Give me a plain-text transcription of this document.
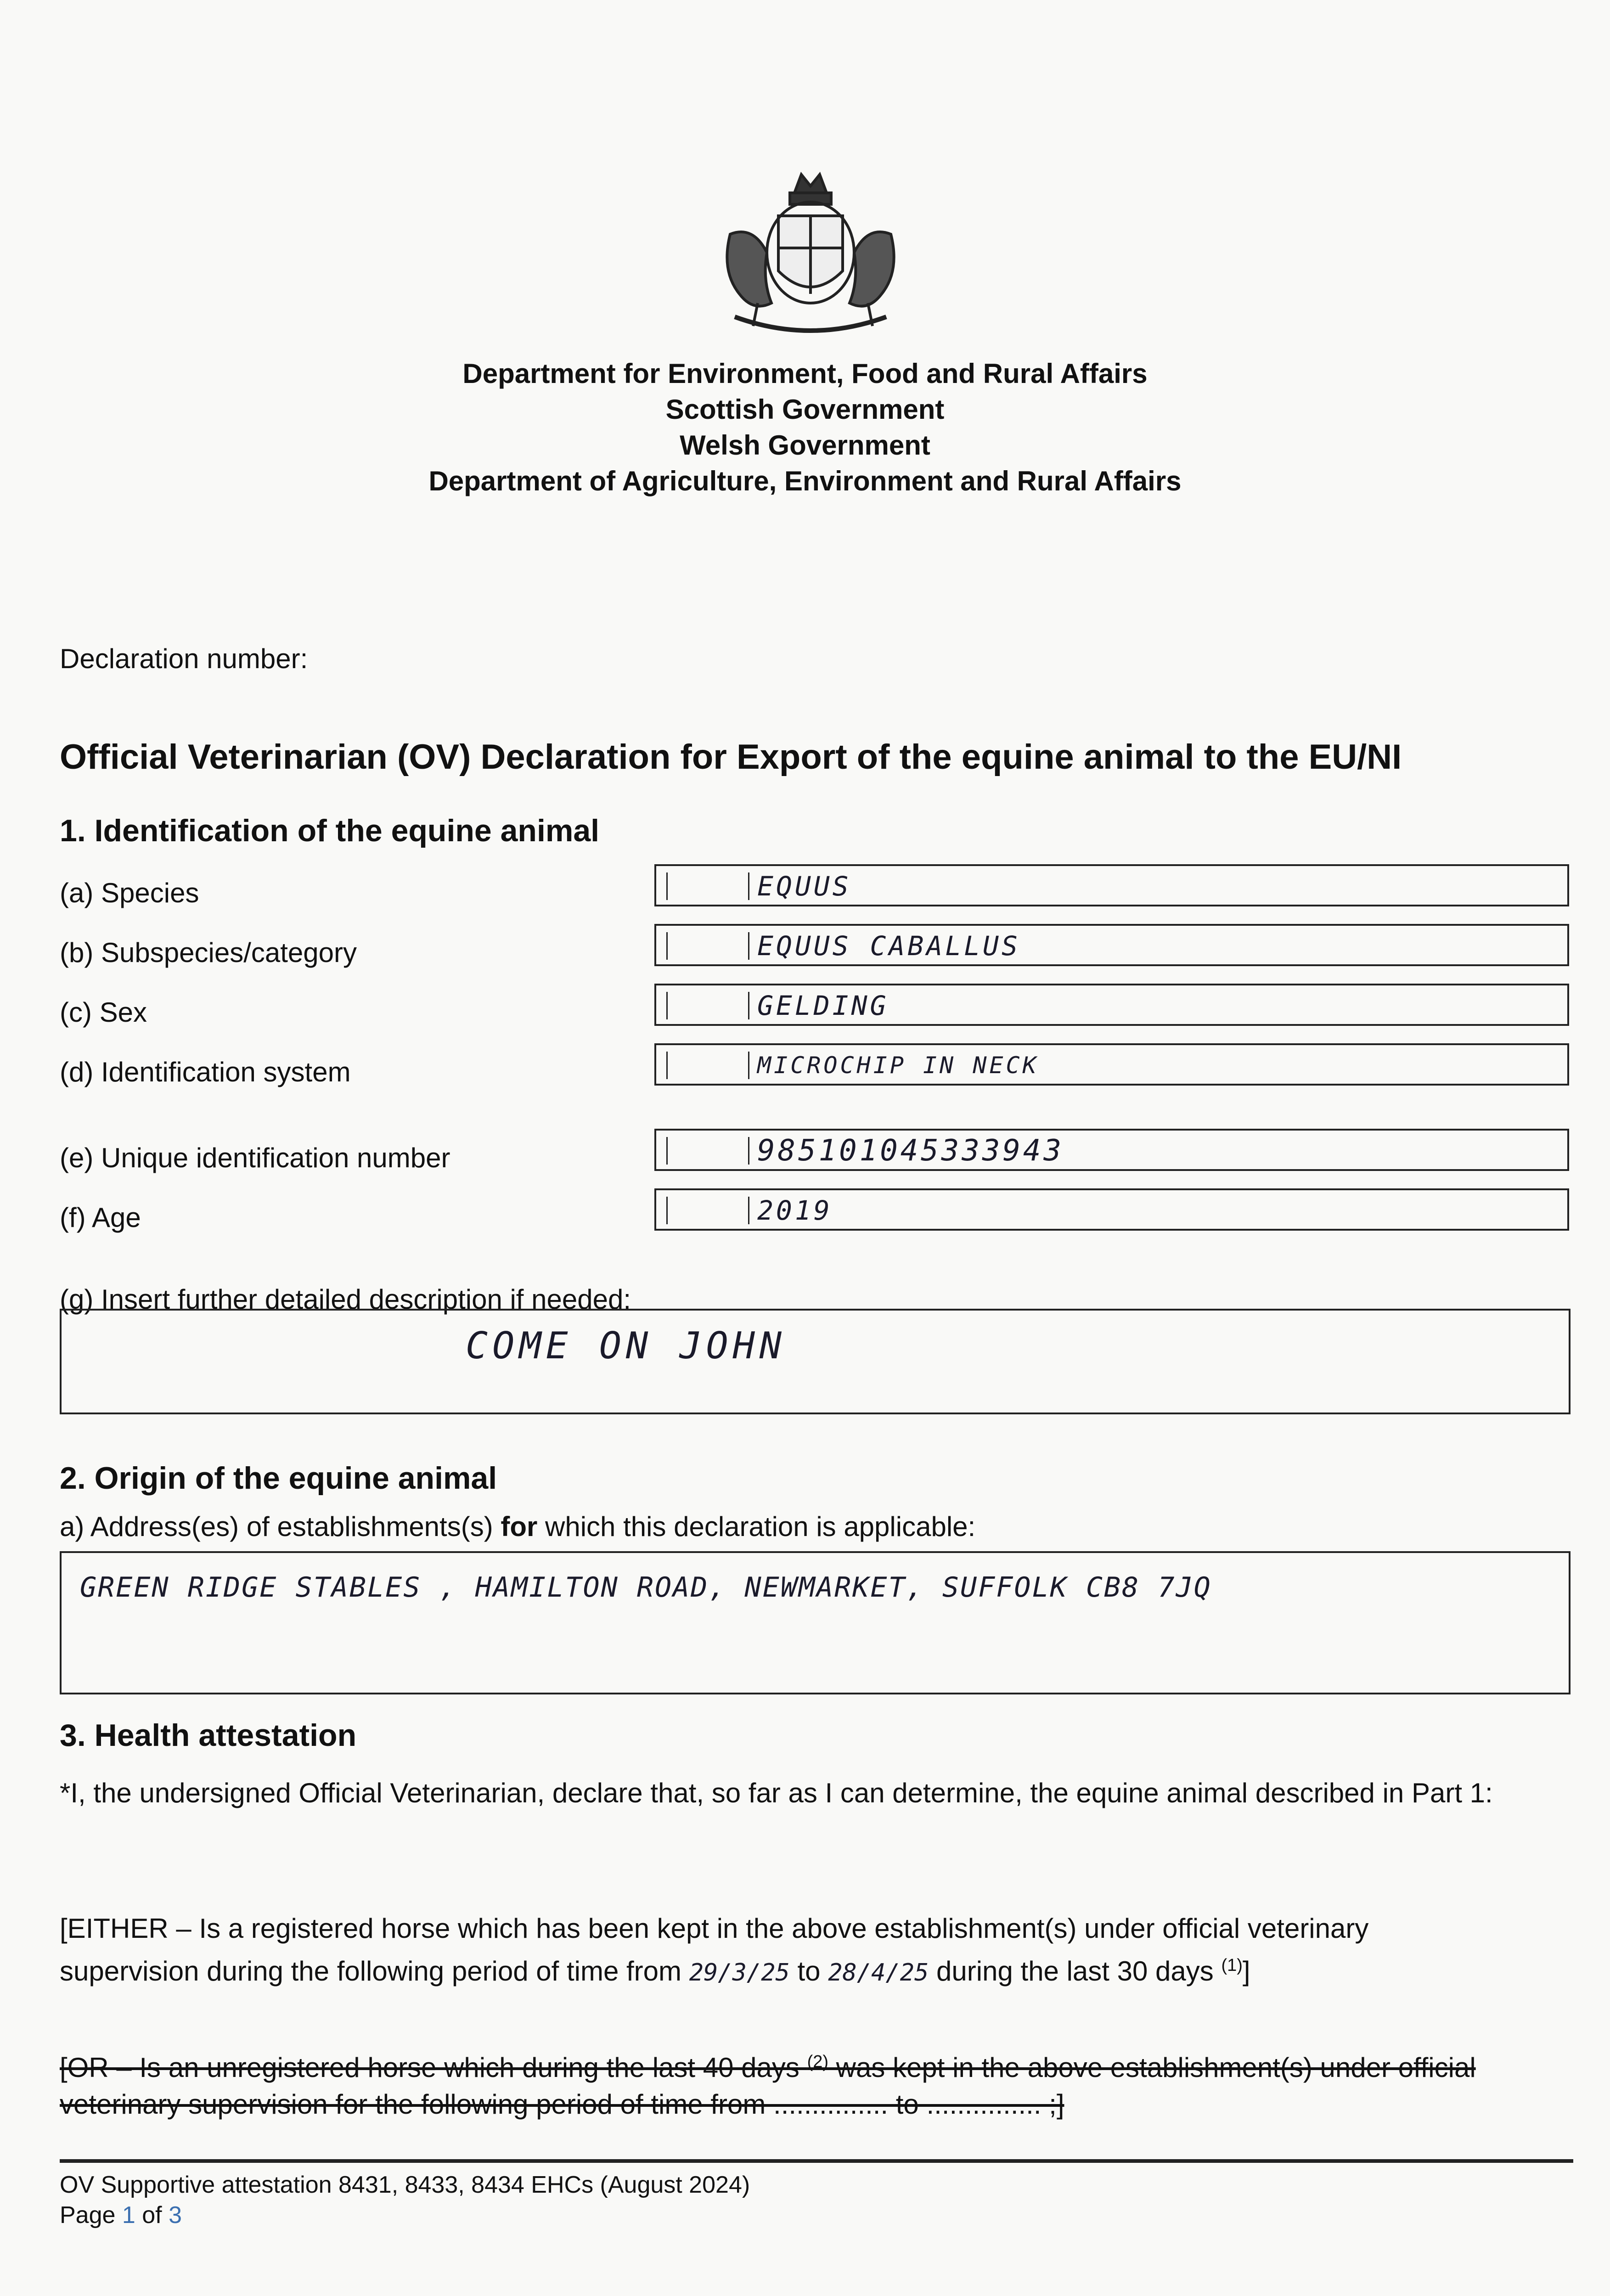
Department for Environment, Food and Rural Affairs
Scottish Government
Welsh Government
Department of Agriculture, Environment and Rural Affairs
Declaration number:
Official Veterinarian (OV) Declaration for Export of the equine animal to the EU/NI
1. Identification of the equine animal
(a) Species	EQUUS
(b) Subspecies/category	EQUUS CABALLUS
(c) Sex	GELDING
(d) Identification system	MICROCHIP IN NECK
(e) Unique identification number	985101045333943
(f) Age	2019
(g) Insert further detailed description if needed:
COME ON JOHN
2. Origin of the equine animal
a) Address(es) of establishments(s) for which this declaration is applicable:
GREEN RIDGE STABLES , HAMILTON ROAD, NEWMARKET, SUFFOLK CB8 7JQ
3. Health attestation
*I, the undersigned Official Veterinarian, declare that, so far as I can determine, the equine animal described in Part 1:
[EITHER – Is a registered horse which has been kept in the above establishment(s) under official veterinary
supervision during the following period of time from 29/3/25 to 28/4/25 during the last 30 days $^{(1)}$]
[OR – Is an unregistered horse which during the last 40 days $^{(2)}$ was kept in the above establishment(s) under official
veterinary supervision for the following period of time from ............... to ............... ;]
OV Supportive attestation 8431, 8433, 8434 EHCs (August 2024)
Page 1 of 3
